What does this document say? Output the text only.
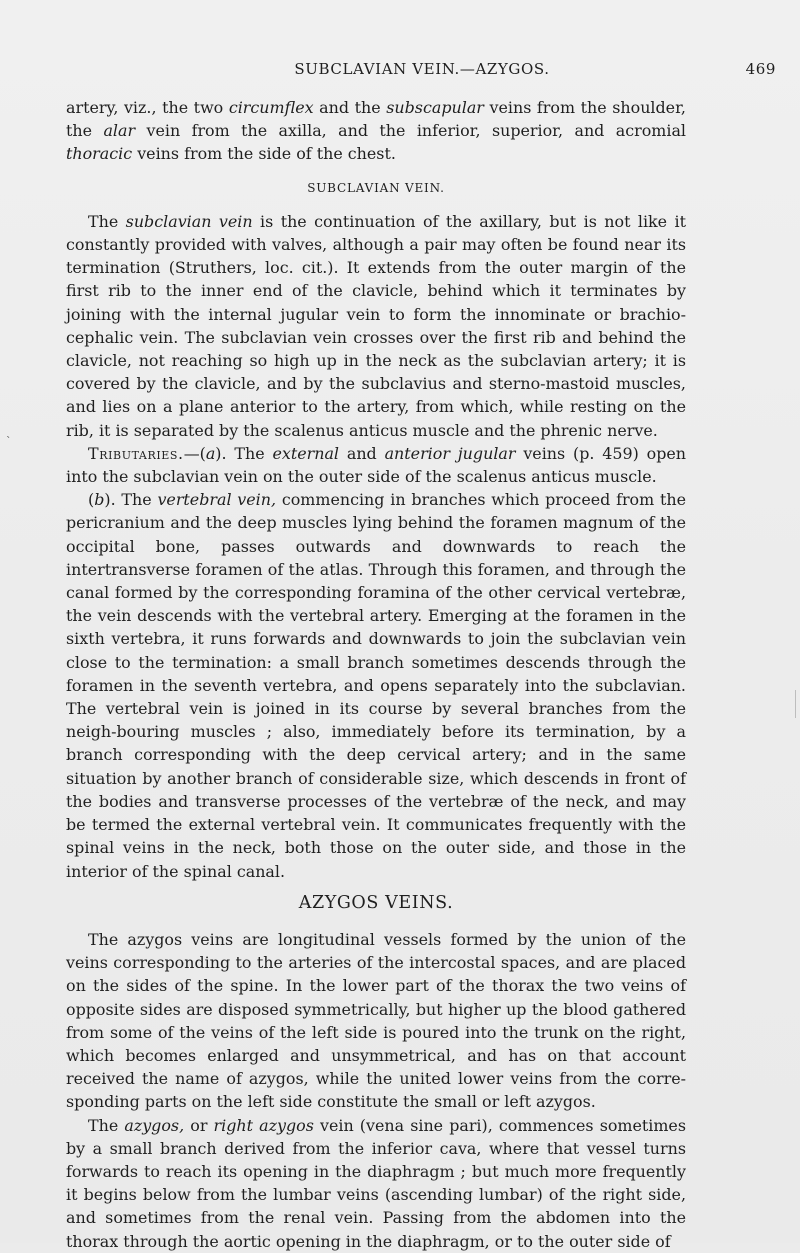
SUBCLAVIAN VEIN.—AZYGOS.	469
`

artery, viz., the two circumflex and the subscapular veins from the shoulder, the alar vein from the axilla, and the inferior, superior, and acromial thoracic veins from the side of the chest.

SUBCLAVIAN VEIN.

The subclavian vein is the continuation of the axillary, but is not like it constantly provided with valves, although a pair may often be found near its termination (Struthers, loc. cit.). It extends from the outer margin of the first rib to the inner end of the clavicle, behind which it terminates by joining with the internal jugular vein to form the innominate or brachio-cephalic vein. The subclavian vein crosses over the first rib and behind the clavicle, not reaching so high up in the neck as the subclavian artery; it is covered by the clavicle, and by the subclavius and sterno-mastoid muscles, and lies on a plane anterior to the artery, from which, while resting on the rib, it is separated by the scalenus anticus muscle and the phrenic nerve.

Tributaries.—(a). The external and anterior jugular veins (p. 459) open into the subclavian vein on the outer side of the scalenus anticus muscle.

(b). The vertebral vein, commencing in branches which proceed from the pericranium and the deep muscles lying behind the foramen magnum of the occipital bone, passes outwards and downwards to reach the intertransverse foramen of the atlas. Through this foramen, and through the canal formed by the corresponding foramina of the other cervical vertebræ, the vein descends with the vertebral artery. Emerging at the foramen in the sixth vertebra, it runs forwards and downwards to join the subclavian vein close to the termination: a small branch sometimes descends through the foramen in the seventh vertebra, and opens separately into the subclavian. The vertebral vein is joined in its course by several branches from the neigh-bouring muscles ; also, immediately before its termination, by a branch corresponding with the deep cervical artery; and in the same situation by another branch of considerable size, which descends in front of the bodies and transverse processes of the vertebræ of the neck, and may be termed the external vertebral vein. It communicates frequently with the spinal veins in the neck, both those on the outer side, and those in the interior of the spinal canal.

AZYGOS VEINS.

The azygos veins are longitudinal vessels formed by the union of the veins corresponding to the arteries of the intercostal spaces, and are placed on the sides of the spine. In the lower part of the thorax the two veins of opposite sides are disposed symmetrically, but higher up the blood gathered from some of the veins of the left side is poured into the trunk on the right, which becomes enlarged and unsymmetrical, and has on that account received the name of azygos, while the united lower veins from the corre-sponding parts on the left side constitute the small or left azygos.

The azygos, or right azygos vein (vena sine pari), commences sometimes by a small branch derived from the inferior cava, where that vessel turns forwards to reach its opening in the diaphragm ; but much more frequently it begins below from the lumbar veins (ascending lumbar) of the right side, and sometimes from the renal vein. Passing from the abdomen into the thorax through the aortic opening in the diaphragm, or to the outer side of
